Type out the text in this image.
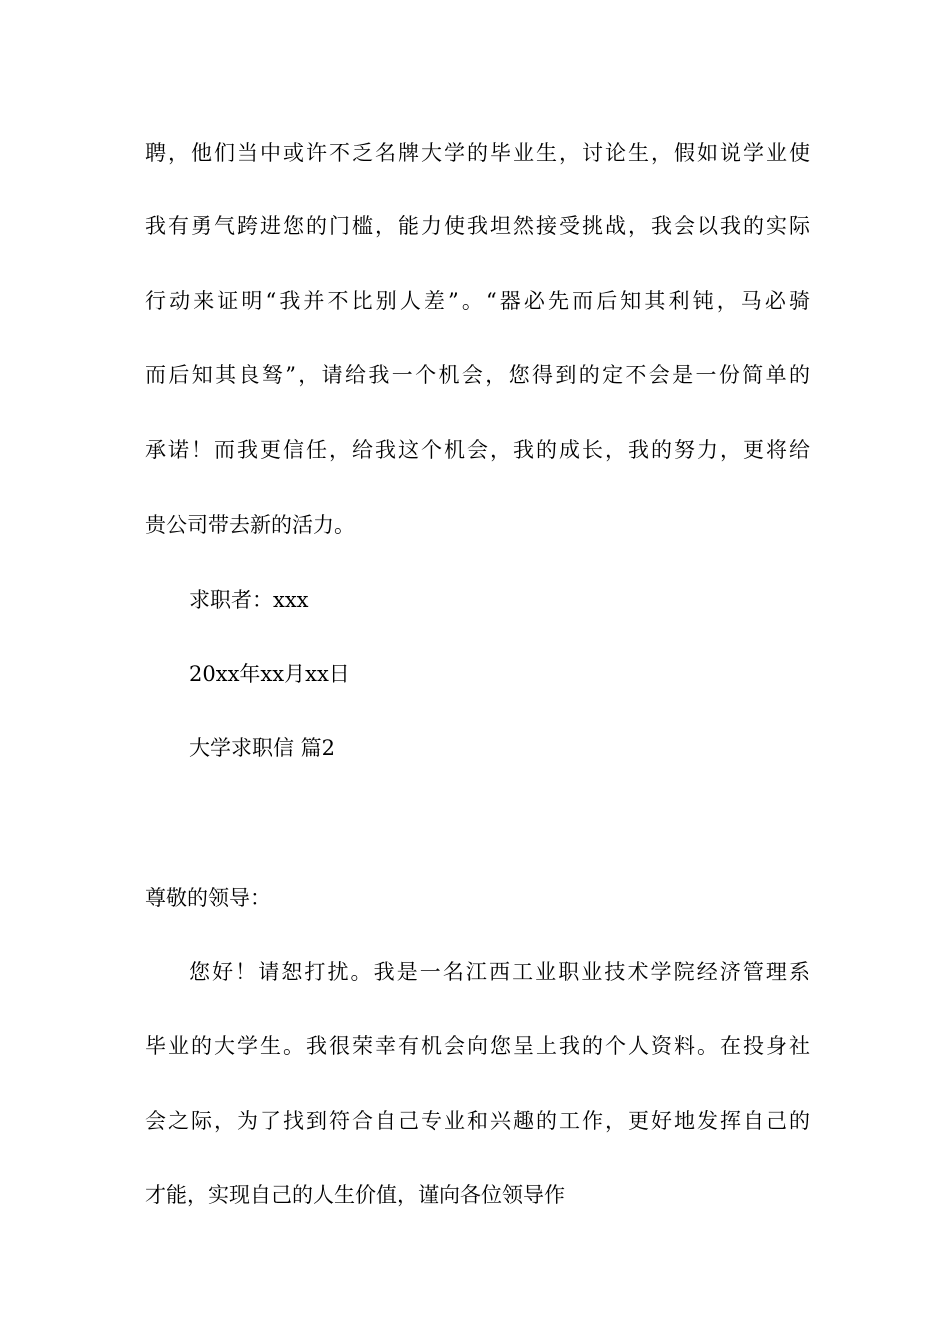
聘，他们当中或许不乏名牌大学的毕业生，讨论生，假如说学业使
我有勇气跨进您的门槛，能力使我坦然接受挑战，我会以我的实际
行动来证明“我并不比别人差”。“器必先而后知其利钝，马必骑
而后知其良驽”，请给我一个机会，您得到的定不会是一份简单的
承诺！而我更信任，给我这个机会，我的成长，我的努力，更将给
贵公司带去新的活力。
求职者：xxx
20xx年xx月xx日
大学求职信 篇2
尊敬的领导：
您好！请恕打扰。我是一名江西工业职业技术学院经济管理系
毕业的大学生。我很荣幸有机会向您呈上我的个人资料。在投身社
会之际，为了找到符合自己专业和兴趣的工作，更好地发挥自己的
才能，实现自己的人生价值，谨向各位领导作
